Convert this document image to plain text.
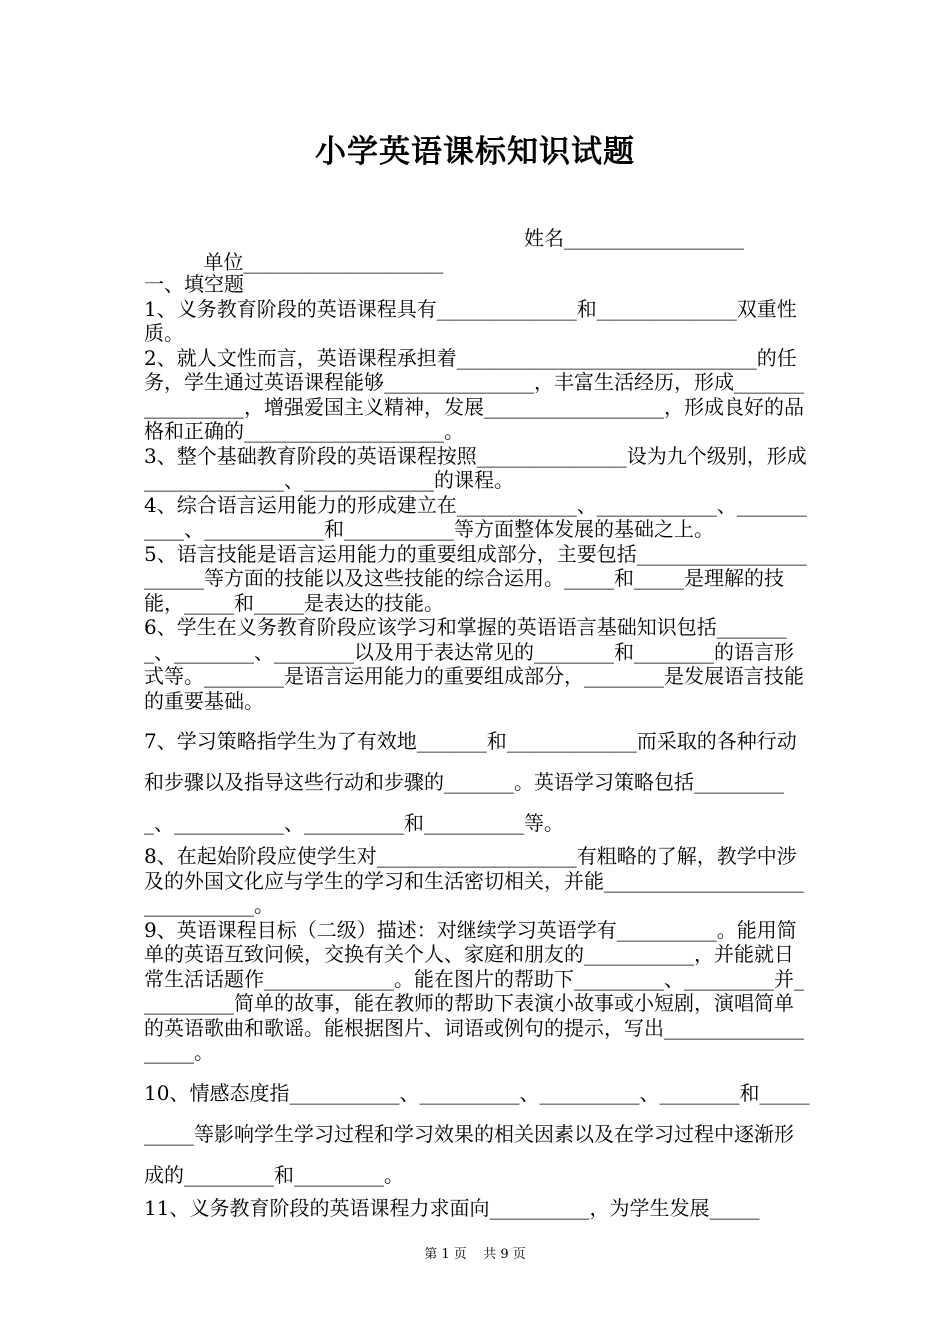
小学英语课标知识试题

单位____________________

姓名__________________

一、填空题

1、义务教育阶段的英语课程具有______________和______________双重性质。

2、就人文性而言，英语课程承担着______________________________的任务，学生通过英语课程能够_______________，丰富生活经历，形成_________________，增强爱国主义精神，发展__________________，形成良好的品格和正确的____________________。

3、整个基础教育阶段的英语课程按照_______________设为九个级别，形成______________、_____________的课程。

4、综合语言运用能力的形成建立在____________、____________、___________、____________和___________等方面整体发展的基础之上。

5、语言技能是语言运用能力的重要组成部分，主要包括_______________________等方面的技能以及这些技能的综合运用。_____和_____是理解的技能，_____和_____是表达的技能。

6、学生在义务教育阶段应该学习和掌握的英语语言基础知识包括________、________、________以及用于表达常见的________和________的语言形式等。________是语言运用能力的重要组成部分，________是发展语言技能的重要基础。

7、学习策略指学生为了有效地_______和_____________而采取的各种行动和步骤以及指导这些行动和步骤的_______。英语学习策略包括__________、___________、__________和__________等。

8、在起始阶段应使学生对____________________有粗略的了解，教学中涉及的外国文化应与学生的学习和生活密切相关，并能_______________________________。

9、英语课程目标（二级）描述：对继续学习英语学有__________。能用简单的英语互致问候，交换有关个人、家庭和朋友的___________，并能就日常生活话题作_____________。能在图片的帮助下_________、_________并__________简单的故事，能在教师的帮助下表演小故事或小短剧，演唱简单的英语歌曲和歌谣。能根据图片、词语或例句的提示，写出___________________。

10、情感态度指___________、__________、__________、________和__________等影响学生学习过程和学习效果的相关因素以及在学习过程中逐渐形成的_________和_________。

11、义务教育阶段的英语课程力求面向__________，为学生发展_____

第 1 页    共 9 页
